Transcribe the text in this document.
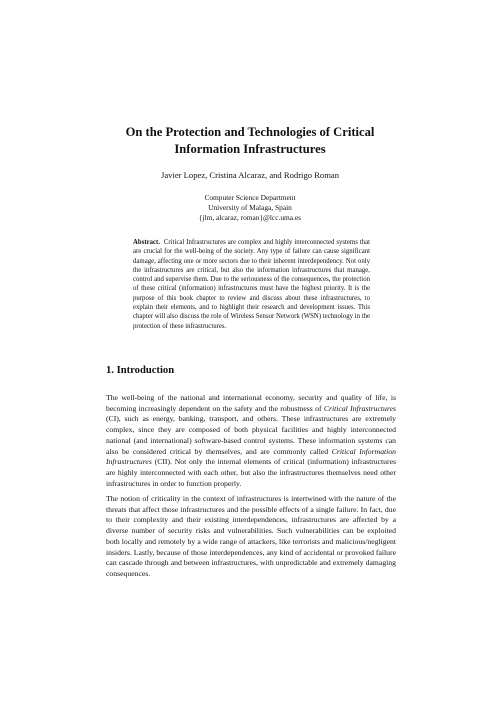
On the Protection and Technologies of Critical
Information Infrastructures
Javier Lopez, Cristina Alcaraz, and Rodrigo Roman
Computer Science Department
University of Malaga, Spain
{jlm, alcaraz, roman}@lcc.uma.es
Abstract. Critical Infrastructures are complex and highly interconnected systems that are crucial for the well-being of the society. Any type of failure can cause significant damage, affecting one or more sectors due to their inherent interdependency. Not only the infrastructures are critical, but also the information infrastructures that manage, control and supervise them. Due to the seriousness of the consequences, the protection of these critical (information) infrastructures must have the highest priority. It is the purpose of this book chapter to review and discuss about these infrastructures, to explain their elements, and to highlight their research and development issues. This chapter will also discuss the role of Wireless Sensor Network (WSN) technology in the protection of these infrastructures.
1. Introduction
The well-being of the national and international economy, security and quality of life, is becoming increasingly dependent on the safety and the robustness of Critical Infrastructures (CI), such as energy, banking, transport, and others. These infrastructures are extremely complex, since they are composed of both physical facilities and highly interconnected national (and international) software-based control systems. These information systems can also be considered critical by themselves, and are commonly called Critical Information Infrastructures (CII). Not only the internal elements of critical (information) infrastructures are highly interconnected with each other, but also the infrastructures themselves need other infrastructures in order to function properly.
The notion of criticality in the context of infrastructures is intertwined with the nature of the threats that affect those infrastructures and the possible effects of a single failure. In fact, due to their complexity and their existing interdependences, infrastructures are affected by a diverse number of security risks and vulnerabilities. Such vulnerabilities can be exploited both locally and remotely by a wide range of attackers, like terrorists and malicious/negligent insiders. Lastly, because of those interdependences, any kind of accidental or provoked failure can cascade through and between infrastructures, with unpredictable and extremely damaging consequences.
